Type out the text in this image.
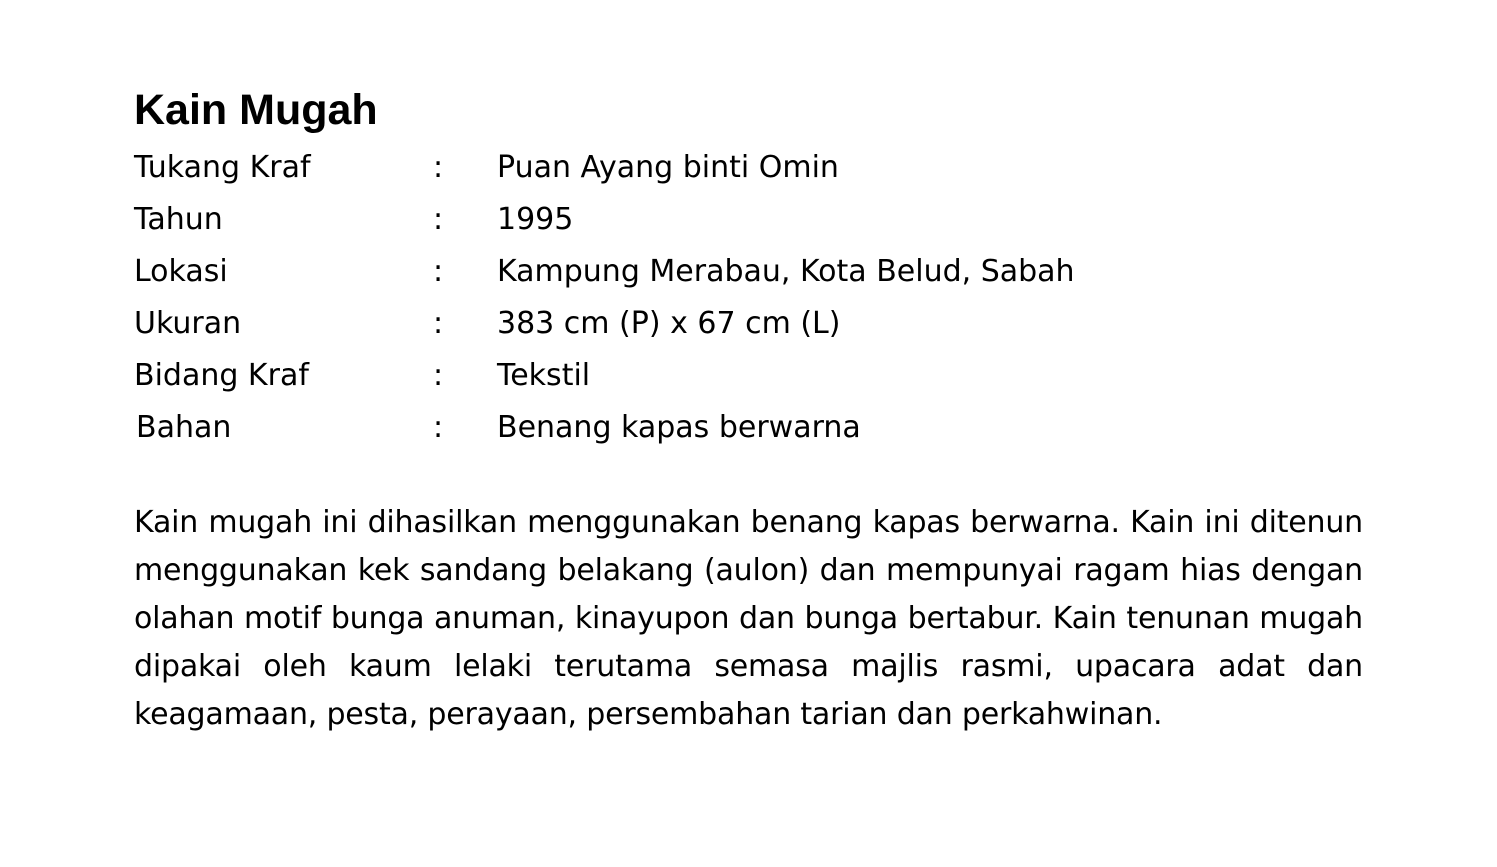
Kain Mugah
Tukang Kraf	: Puan Ayang binti Omin
Tahun	: 1995
Lokasi	: Kampung Merabau, Kota Belud, Sabah
Ukuran	: 383 cm (P) x 67 cm (L)
Bidang Kraf	: Tekstil
Bahan	: Benang kapas berwarna

Kain mugah ini dihasilkan menggunakan benang kapas berwarna. Kain ini ditenun menggunakan kek sandang belakang (aulon) dan mempunyai ragam hias dengan olahan motif bunga anuman, kinayupon dan bunga bertabur. Kain tenunan mugah dipakai oleh kaum lelaki terutama semasa majlis rasmi, upacara adat dan keagamaan, pesta, perayaan, persembahan tarian dan perkahwinan.
